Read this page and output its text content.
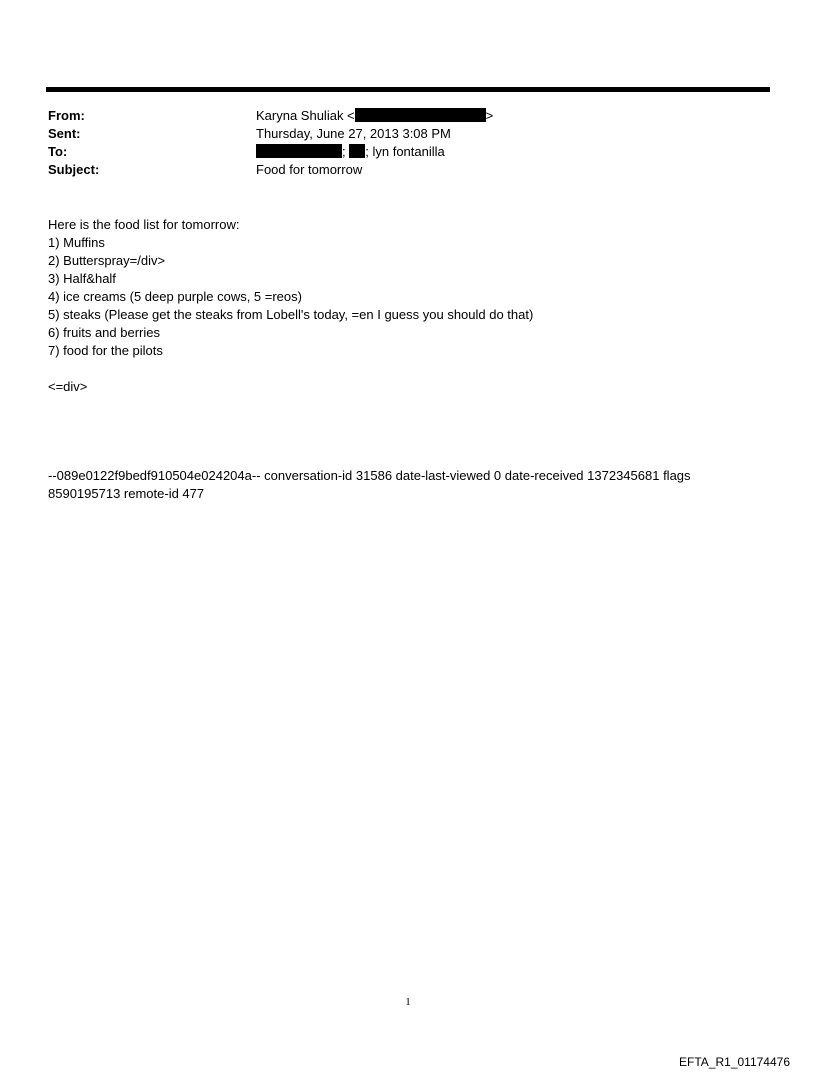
From:	Karyna Shuliak <	>
Sent:	Thursday, June 27, 2013 3:08 PM
To:	; ; lyn fontanilla
Subject:	Food for tomorrow
Here is the food list for tomorrow:
1) Muffins
2) Butterspray=/div>
3) Half&half
4) ice creams (5 deep purple cows, 5 =reos)
5) steaks (Please get the steaks from Lobell's today, =en I guess you should do that)
6) fruits and berries
7) food for the pilots
<=div>
--089e0122f9bedf910504e024204a-- conversation-id 31586 date-last-viewed 0 date-received 1372345681 flags 8590195713 remote-id 477
1
EFTA_R1_01174476
